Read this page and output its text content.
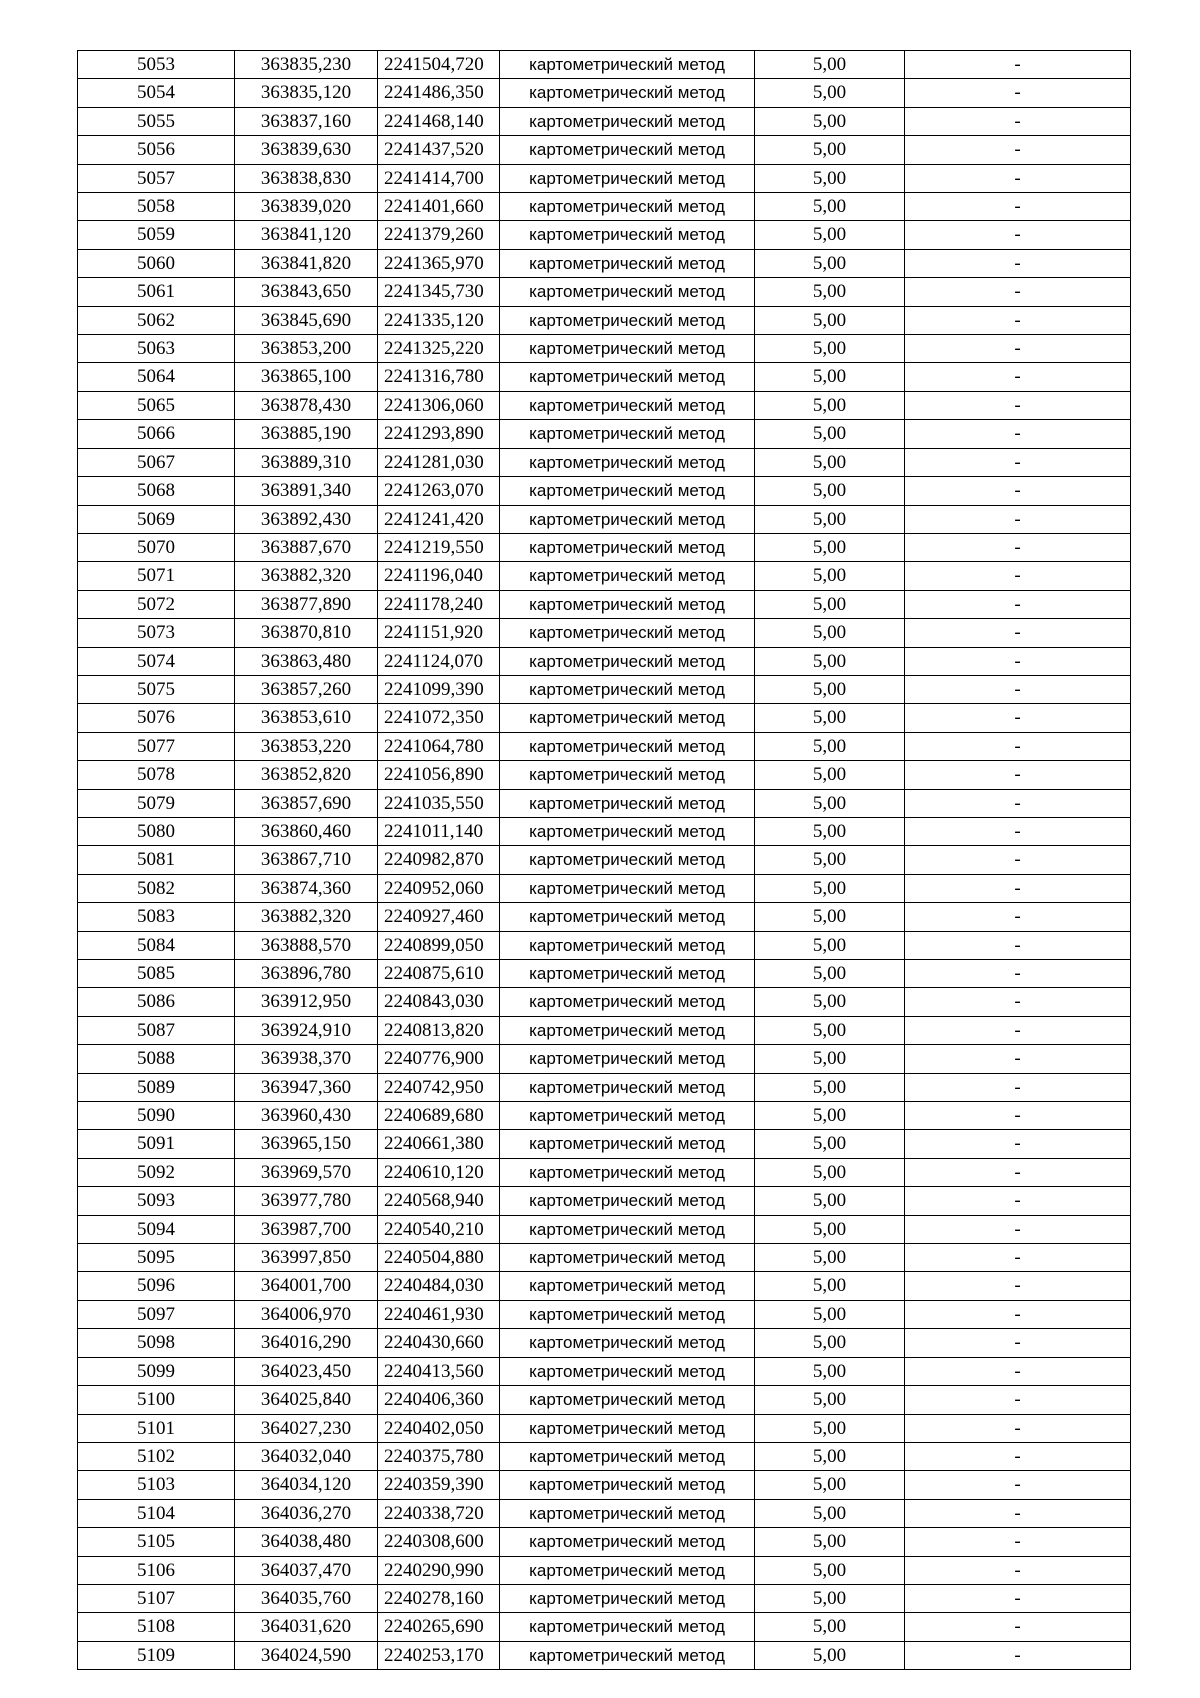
5053	363835,230	2241504,720	картометрический метод	5,00	-
5054	363835,120	2241486,350	картометрический метод	5,00	-
5055	363837,160	2241468,140	картометрический метод	5,00	-
5056	363839,630	2241437,520	картометрический метод	5,00	-
5057	363838,830	2241414,700	картометрический метод	5,00	-
5058	363839,020	2241401,660	картометрический метод	5,00	-
5059	363841,120	2241379,260	картометрический метод	5,00	-
5060	363841,820	2241365,970	картометрический метод	5,00	-
5061	363843,650	2241345,730	картометрический метод	5,00	-
5062	363845,690	2241335,120	картометрический метод	5,00	-
5063	363853,200	2241325,220	картометрический метод	5,00	-
5064	363865,100	2241316,780	картометрический метод	5,00	-
5065	363878,430	2241306,060	картометрический метод	5,00	-
5066	363885,190	2241293,890	картометрический метод	5,00	-
5067	363889,310	2241281,030	картометрический метод	5,00	-
5068	363891,340	2241263,070	картометрический метод	5,00	-
5069	363892,430	2241241,420	картометрический метод	5,00	-
5070	363887,670	2241219,550	картометрический метод	5,00	-
5071	363882,320	2241196,040	картометрический метод	5,00	-
5072	363877,890	2241178,240	картометрический метод	5,00	-
5073	363870,810	2241151,920	картометрический метод	5,00	-
5074	363863,480	2241124,070	картометрический метод	5,00	-
5075	363857,260	2241099,390	картометрический метод	5,00	-
5076	363853,610	2241072,350	картометрический метод	5,00	-
5077	363853,220	2241064,780	картометрический метод	5,00	-
5078	363852,820	2241056,890	картометрический метод	5,00	-
5079	363857,690	2241035,550	картометрический метод	5,00	-
5080	363860,460	2241011,140	картометрический метод	5,00	-
5081	363867,710	2240982,870	картометрический метод	5,00	-
5082	363874,360	2240952,060	картометрический метод	5,00	-
5083	363882,320	2240927,460	картометрический метод	5,00	-
5084	363888,570	2240899,050	картометрический метод	5,00	-
5085	363896,780	2240875,610	картометрический метод	5,00	-
5086	363912,950	2240843,030	картометрический метод	5,00	-
5087	363924,910	2240813,820	картометрический метод	5,00	-
5088	363938,370	2240776,900	картометрический метод	5,00	-
5089	363947,360	2240742,950	картометрический метод	5,00	-
5090	363960,430	2240689,680	картометрический метод	5,00	-
5091	363965,150	2240661,380	картометрический метод	5,00	-
5092	363969,570	2240610,120	картометрический метод	5,00	-
5093	363977,780	2240568,940	картометрический метод	5,00	-
5094	363987,700	2240540,210	картометрический метод	5,00	-
5095	363997,850	2240504,880	картометрический метод	5,00	-
5096	364001,700	2240484,030	картометрический метод	5,00	-
5097	364006,970	2240461,930	картометрический метод	5,00	-
5098	364016,290	2240430,660	картометрический метод	5,00	-
5099	364023,450	2240413,560	картометрический метод	5,00	-
5100	364025,840	2240406,360	картометрический метод	5,00	-
5101	364027,230	2240402,050	картометрический метод	5,00	-
5102	364032,040	2240375,780	картометрический метод	5,00	-
5103	364034,120	2240359,390	картометрический метод	5,00	-
5104	364036,270	2240338,720	картометрический метод	5,00	-
5105	364038,480	2240308,600	картометрический метод	5,00	-
5106	364037,470	2240290,990	картометрический метод	5,00	-
5107	364035,760	2240278,160	картометрический метод	5,00	-
5108	364031,620	2240265,690	картометрический метод	5,00	-
5109	364024,590	2240253,170	картометрический метод	5,00	-
